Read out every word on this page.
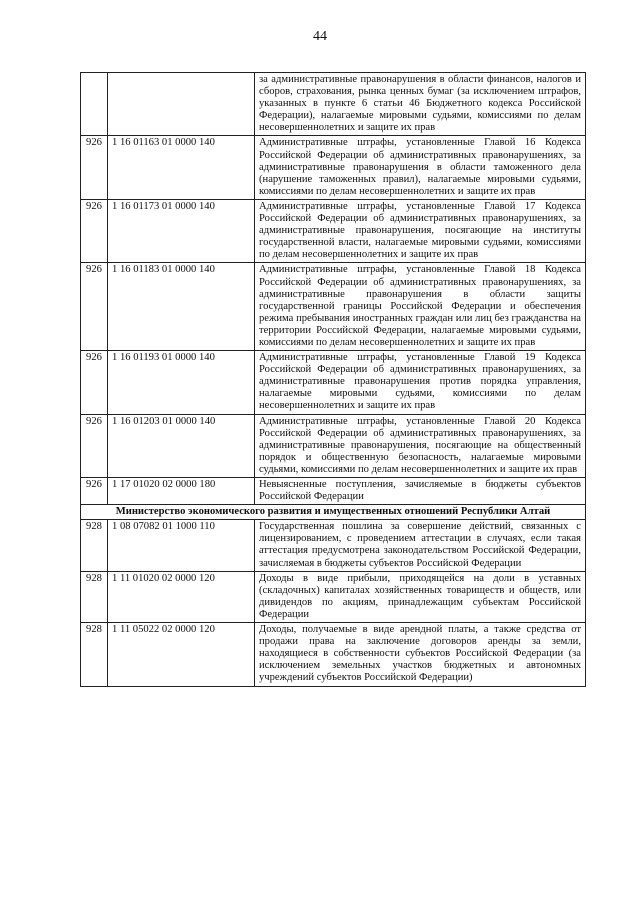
44
		за административные правонарушения в области финансов, налогов и сборов, страхования, рынка ценных бумаг (за исключением штрафов, указанных в пункте 6 статьи 46 Бюджетного кодекса Российской Федерации), налагаемые мировыми судьями, комиссиями по делам несовершеннолетних и защите их прав
926	1 16 01163 01 0000 140	Административные штрафы, установленные Главой 16 Кодекса Российской Федерации об административных правонарушениях, за административные правонарушения в области таможенного дела (нарушение таможенных правил), налагаемые мировыми судьями, комиссиями по делам несовершеннолетних и защите их прав
926	1 16 01173 01 0000 140	Административные штрафы, установленные Главой 17 Кодекса Российской Федерации об административных правонарушениях, за административные правонарушения, посягающие на институты государственной власти, налагаемые мировыми судьями, комиссиями по делам несовершеннолетних и защите их прав
926	1 16 01183 01 0000 140	Административные штрафы, установленные Главой 18 Кодекса Российской Федерации об административных правонарушениях, за административные правонарушения в области защиты государственной границы Российской Федерации и обеспечения режима пребывания иностранных граждан или лиц без гражданства на территории Российской Федерации, налагаемые мировыми судьями, комиссиями по делам несовершеннолетних и защите их прав
926	1 16 01193 01 0000 140	Административные штрафы, установленные Главой 19 Кодекса Российской Федерации об административных правонарушениях, за административные правонарушения против порядка управления, налагаемые мировыми судьями, комиссиями по делам несовершеннолетних и защите их прав
926	1 16 01203 01 0000 140	Административные штрафы, установленные Главой 20 Кодекса Российской Федерации об административных правонарушениях, за административные правонарушения, посягающие на общественный порядок и общественную безопасность, налагаемые мировыми судьями, комиссиями по делам несовершеннолетних и защите их прав
926	1 17 01020 02 0000 180	Невыясненные поступления, зачисляемые в бюджеты субъектов Российской Федерации
Министерство экономического развития и имущественных отношений Республики Алтай		
928	1 08 07082 01 1000 110	Государственная пошлина за совершение действий, связанных с лицензированием, с проведением аттестации в случаях, если такая аттестация предусмотрена законодательством Российской Федерации, зачисляемая в бюджеты субъектов Российской Федерации
928	1 11 01020 02 0000 120	Доходы в виде прибыли, приходящейся на доли в уставных (складочных) капиталах хозяйственных товариществ и обществ, или дивидендов по акциям, принадлежащим субъектам Российской Федерации
928	1 11 05022 02 0000 120	Доходы, получаемые в виде арендной платы, а также средства от продажи права на заключение договоров аренды за земли, находящиеся в собственности субъектов Российской Федерации (за исключением земельных участков бюджетных и автономных учреждений субъектов Российской Федерации)
